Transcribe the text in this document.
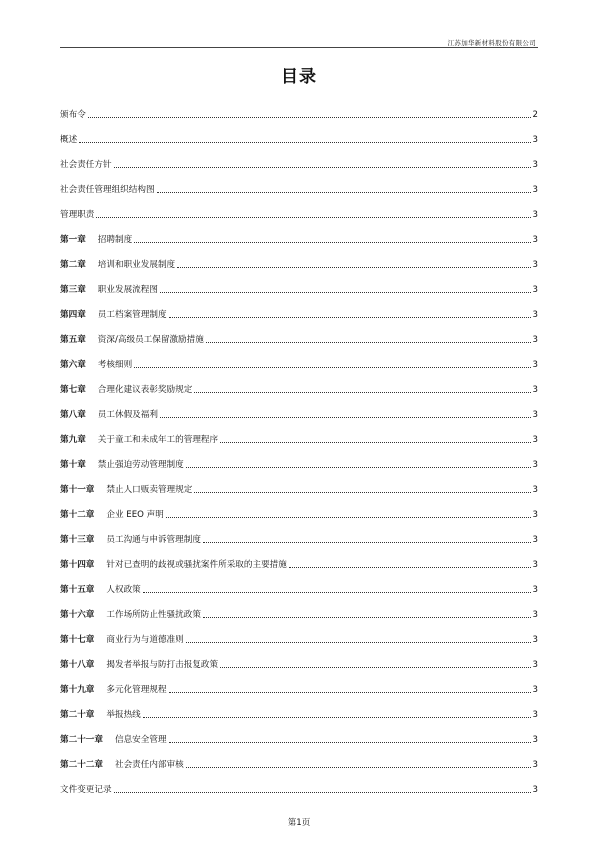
江苏加华新材料股份有限公司
目录
颁布令	2
概述	3
社会责任方针	3
社会责任管理组织结构图	3
管理职责	3
第一章 招聘制度	3
第二章 培训和职业发展制度	3
第三章 职业发展流程图	3
第四章 员工档案管理制度	3
第五章 资深/高级员工保留激励措施	3
第六章 考核细则	3
第七章 合理化建议表彰奖励规定	3
第八章 员工休假及福利	3
第九章 关于童工和未成年工的管理程序	3
第十章 禁止强迫劳动管理制度	3
第十一章 禁止人口贩卖管理规定	3
第十二章 企业 EEO 声明	3
第十三章 员工沟通与申诉管理制度	3
第十四章 针对已查明的歧视或骚扰案件所采取的主要措施	3
第十五章 人权政策	3
第十六章 工作场所防止性骚扰政策	3
第十七章 商业行为与道德准则	3
第十八章 揭发者举报与防打击报复政策	3
第十九章 多元化管理规程	3
第二十章 举报热线	3
第二十一章 信息安全管理	3
第二十二章 社会责任内部审核	3
文件变更记录	3
第1页
